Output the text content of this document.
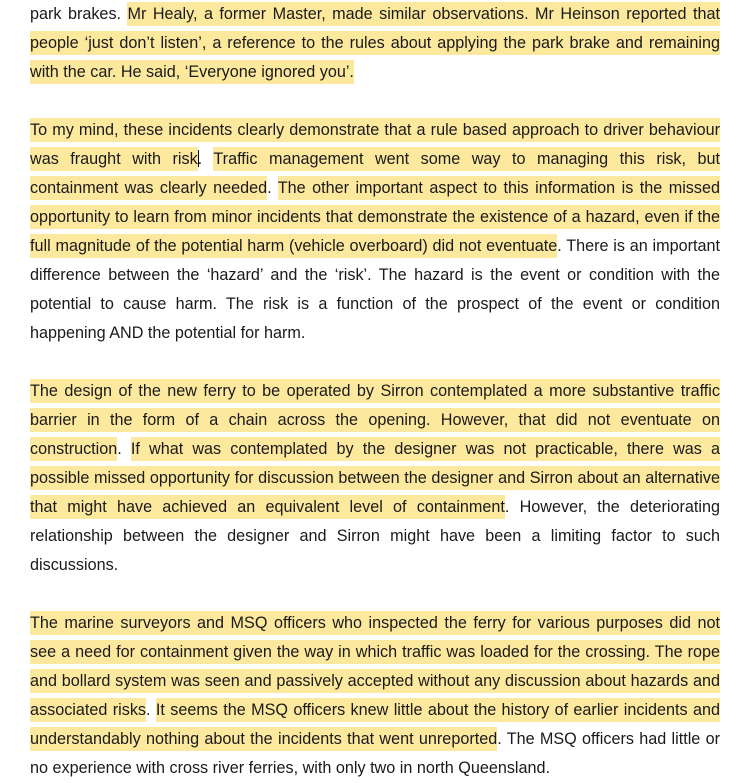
park brakes. Mr Healy, a former Master, made similar observations. Mr Heinson reported that people ‘just don’t listen’, a reference to the rules about applying the park brake and remaining with the car. He said, ‘Everyone ignored you’.

To my mind, these incidents clearly demonstrate that a rule based approach to driver behaviour was fraught with risk. Traffic management went some way to managing this risk, but containment was clearly needed. The other important aspect to this information is the missed opportunity to learn from minor incidents that demonstrate the existence of a hazard, even if the full magnitude of the potential harm (vehicle overboard) did not eventuate. There is an important difference between the ‘hazard’ and the ‘risk’. The hazard is the event or condition with the potential to cause harm. The risk is a function of the prospect of the event or condition happening AND the potential for harm.

The design of the new ferry to be operated by Sirron contemplated a more substantive traffic barrier in the form of a chain across the opening. However, that did not eventuate on construction. If what was contemplated by the designer was not practicable, there was a possible missed opportunity for discussion between the designer and Sirron about an alternative that might have achieved an equivalent level of containment. However, the deteriorating relationship between the designer and Sirron might have been a limiting factor to such discussions.

The marine surveyors and MSQ officers who inspected the ferry for various purposes did not see a need for containment given the way in which traffic was loaded for the crossing. The rope and bollard system was seen and passively accepted without any discussion about hazards and associated risks. It seems the MSQ officers knew little about the history of earlier incidents and understandably nothing about the incidents that went unreported. The MSQ officers had little or no experience with cross river ferries, with only two in north Queensland.
